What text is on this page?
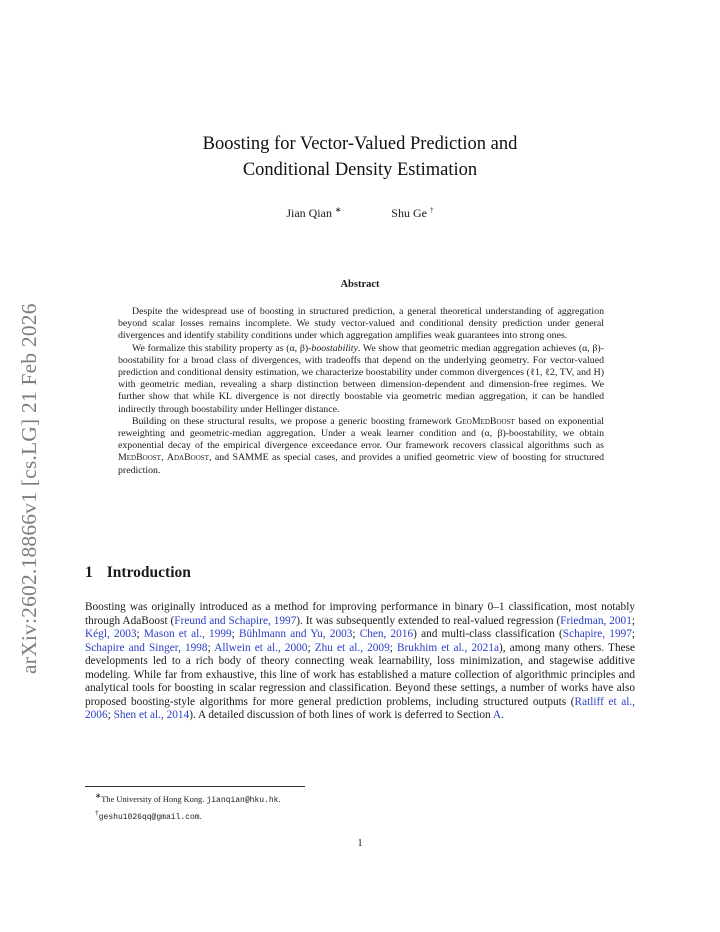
arXiv:2602.18866v1 [cs.LG] 21 Feb 2026
Boosting for Vector-Valued Prediction and
Conditional Density Estimation
Jian Qian ∗	Shu Ge †
Abstract

Despite the widespread use of boosting in structured prediction, a general theoretical understanding of aggregation beyond scalar losses remains incomplete. We study vector-valued and conditional density prediction under general divergences and identify stability conditions under which aggregation amplifies weak guarantees into strong ones.

We formalize this stability property as (α, β)-boostability. We show that geometric median aggregation achieves (α, β)-boostability for a broad class of divergences, with tradeoffs that depend on the underlying geometry. For vector-valued prediction and conditional density estimation, we characterize boostability under common divergences (ℓ1, ℓ2, TV, and H) with geometric median, revealing a sharp distinction between dimension-dependent and dimension-free regimes. We further show that while KL divergence is not directly boostable via geometric median aggregation, it can be handled indirectly through boostability under Hellinger distance.

Building on these structural results, we propose a generic boosting framework GeoMedBoost based on exponential reweighting and geometric-median aggregation. Under a weak learner condition and (α, β)-boostability, we obtain exponential decay of the empirical divergence exceedance error. Our framework recovers classical algorithms such as MedBoost, AdaBoost, and SAMME as special cases, and provides a unified geometric view of boosting for structured prediction.

1 Introduction

Boosting was originally introduced as a method for improving performance in binary 0–1 classification, most notably through AdaBoost (Freund and Schapire, 1997). It was subsequently extended to real-valued regression (Friedman, 2001; Kégl, 2003; Mason et al., 1999; Bühlmann and Yu, 2003; Chen, 2016) and multi-class classification (Schapire, 1997; Schapire and Singer, 1998; Allwein et al., 2000; Zhu et al., 2009; Brukhim et al., 2021a), among many others. These developments led to a rich body of theory connecting weak learnability, loss minimization, and stagewise additive modeling. While far from exhaustive, this line of work has established a mature collection of algorithmic principles and analytical tools for boosting in scalar regression and classification. Beyond these settings, a number of works have also proposed boosting-style algorithms for more general prediction problems, including structured outputs (Ratliff et al., 2006; Shen et al., 2014). A detailed discussion of both lines of work is deferred to Section A.

∗The University of Hong Kong. jianqian@hku.hk.
†geshu1026qq@gmail.com.
1
